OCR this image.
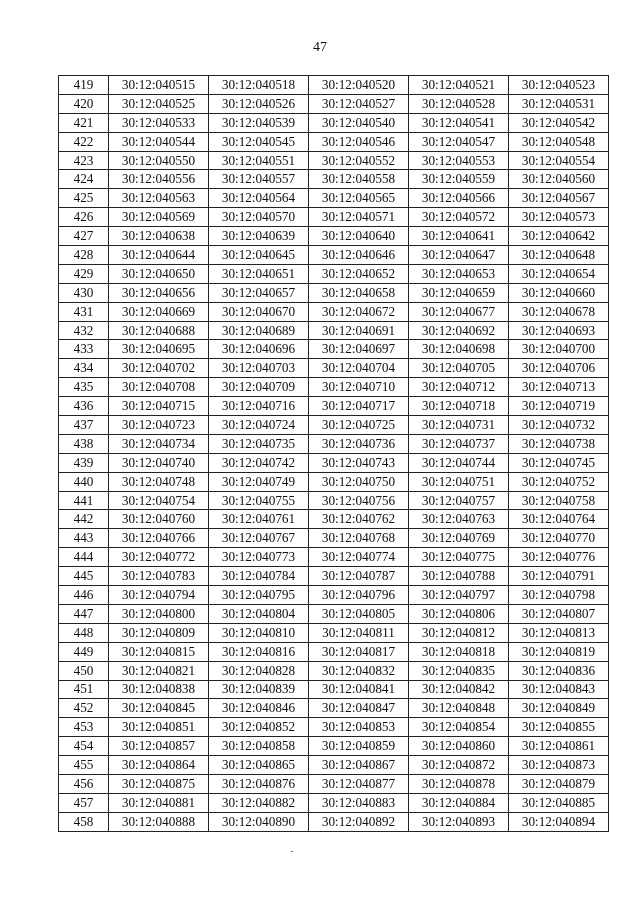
47
419	30:12:040515	30:12:040518	30:12:040520	30:12:040521	30:12:040523
420	30:12:040525	30:12:040526	30:12:040527	30:12:040528	30:12:040531
421	30:12:040533	30:12:040539	30:12:040540	30:12:040541	30:12:040542
422	30:12:040544	30:12:040545	30:12:040546	30:12:040547	30:12:040548
423	30:12:040550	30:12:040551	30:12:040552	30:12:040553	30:12:040554
424	30:12:040556	30:12:040557	30:12:040558	30:12:040559	30:12:040560
425	30:12:040563	30:12:040564	30:12:040565	30:12:040566	30:12:040567
426	30:12:040569	30:12:040570	30:12:040571	30:12:040572	30:12:040573
427	30:12:040638	30:12:040639	30:12:040640	30:12:040641	30:12:040642
428	30:12:040644	30:12:040645	30:12:040646	30:12:040647	30:12:040648
429	30:12:040650	30:12:040651	30:12:040652	30:12:040653	30:12:040654
430	30:12:040656	30:12:040657	30:12:040658	30:12:040659	30:12:040660
431	30:12:040669	30:12:040670	30:12:040672	30:12:040677	30:12:040678
432	30:12:040688	30:12:040689	30:12:040691	30:12:040692	30:12:040693
433	30:12:040695	30:12:040696	30:12:040697	30:12:040698	30:12:040700
434	30:12:040702	30:12:040703	30:12:040704	30:12:040705	30:12:040706
435	30:12:040708	30:12:040709	30:12:040710	30:12:040712	30:12:040713
436	30:12:040715	30:12:040716	30:12:040717	30:12:040718	30:12:040719
437	30:12:040723	30:12:040724	30:12:040725	30:12:040731	30:12:040732
438	30:12:040734	30:12:040735	30:12:040736	30:12:040737	30:12:040738
439	30:12:040740	30:12:040742	30:12:040743	30:12:040744	30:12:040745
440	30:12:040748	30:12:040749	30:12:040750	30:12:040751	30:12:040752
441	30:12:040754	30:12:040755	30:12:040756	30:12:040757	30:12:040758
442	30:12:040760	30:12:040761	30:12:040762	30:12:040763	30:12:040764
443	30:12:040766	30:12:040767	30:12:040768	30:12:040769	30:12:040770
444	30:12:040772	30:12:040773	30:12:040774	30:12:040775	30:12:040776
445	30:12:040783	30:12:040784	30:12:040787	30:12:040788	30:12:040791
446	30:12:040794	30:12:040795	30:12:040796	30:12:040797	30:12:040798
447	30:12:040800	30:12:040804	30:12:040805	30:12:040806	30:12:040807
448	30:12:040809	30:12:040810	30:12:040811	30:12:040812	30:12:040813
449	30:12:040815	30:12:040816	30:12:040817	30:12:040818	30:12:040819
450	30:12:040821	30:12:040828	30:12:040832	30:12:040835	30:12:040836
451	30:12:040838	30:12:040839	30:12:040841	30:12:040842	30:12:040843
452	30:12:040845	30:12:040846	30:12:040847	30:12:040848	30:12:040849
453	30:12:040851	30:12:040852	30:12:040853	30:12:040854	30:12:040855
454	30:12:040857	30:12:040858	30:12:040859	30:12:040860	30:12:040861
455	30:12:040864	30:12:040865	30:12:040867	30:12:040872	30:12:040873
456	30:12:040875	30:12:040876	30:12:040877	30:12:040878	30:12:040879
457	30:12:040881	30:12:040882	30:12:040883	30:12:040884	30:12:040885
458	30:12:040888	30:12:040890	30:12:040892	30:12:040893	30:12:040894
·
